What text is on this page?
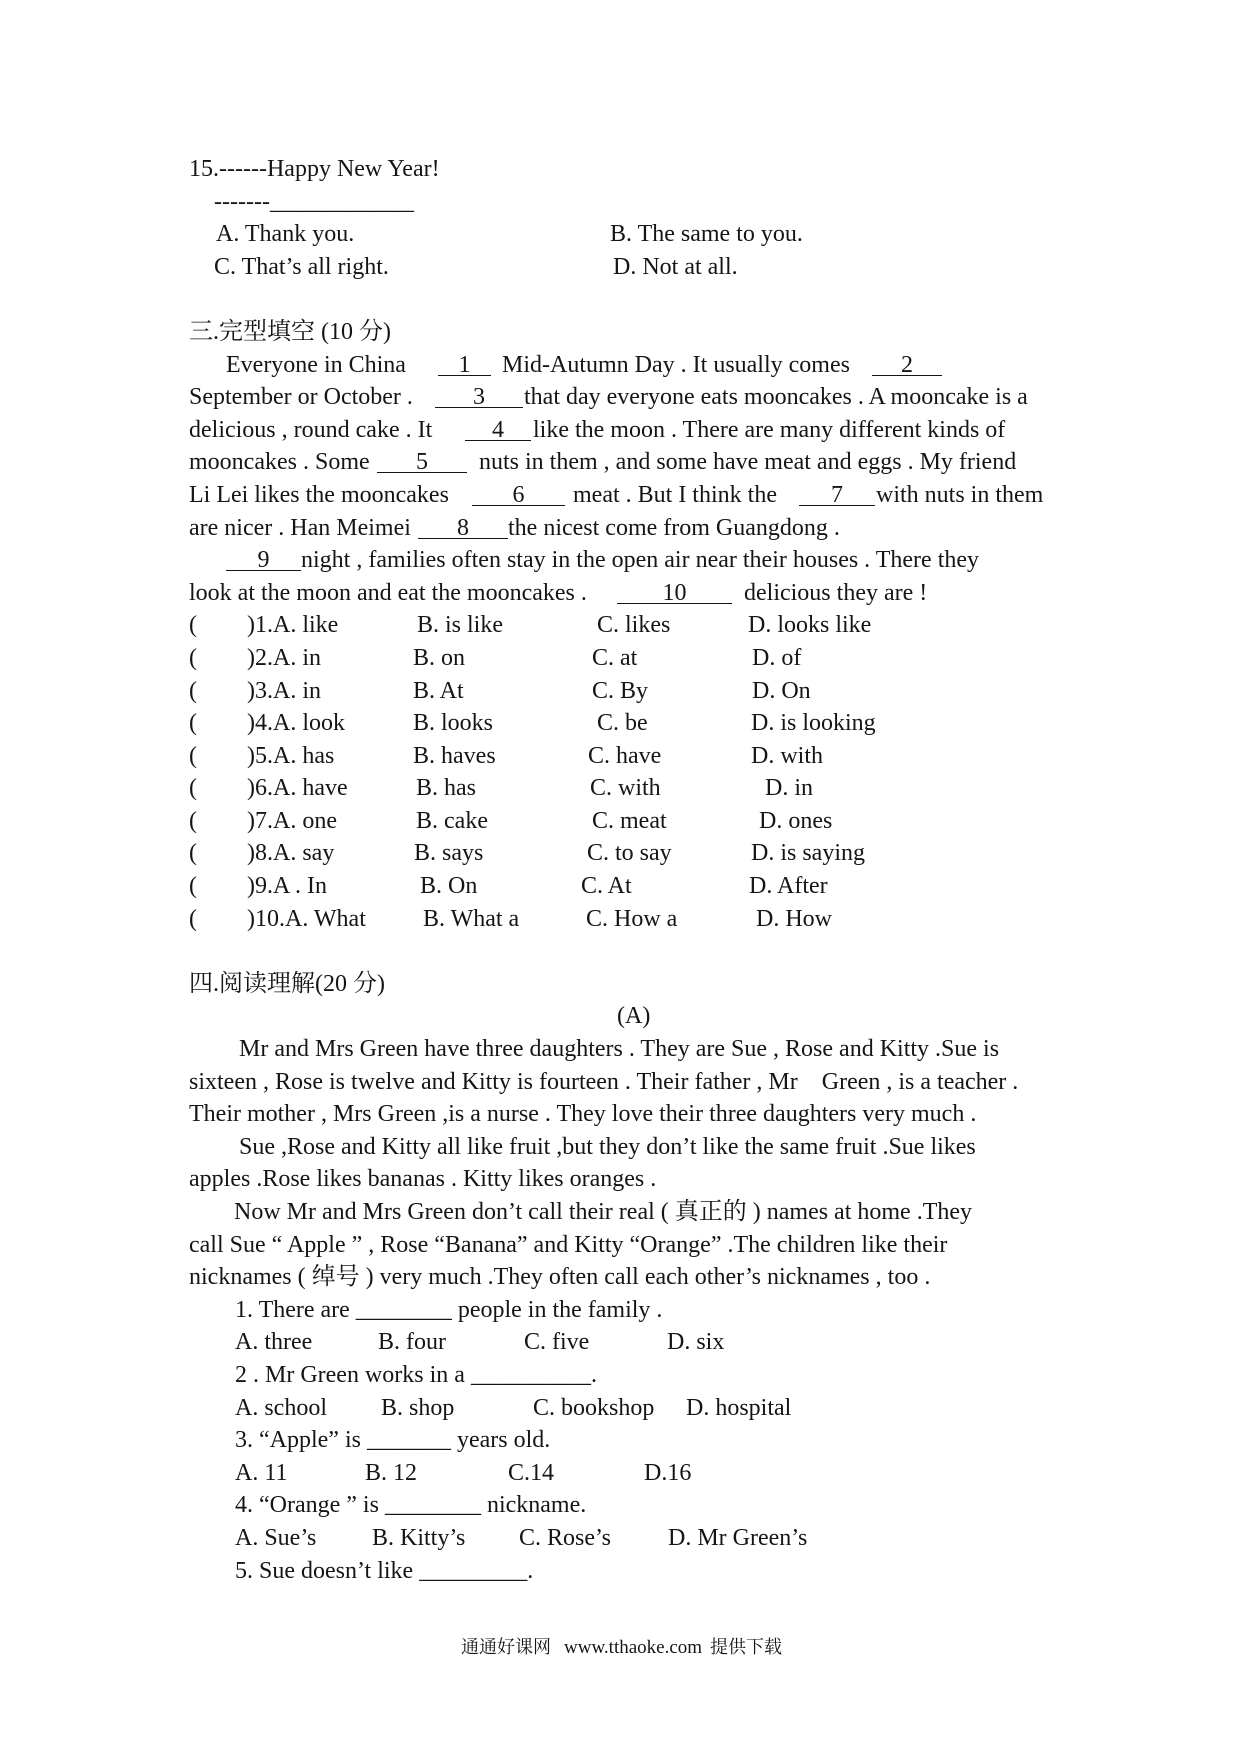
15.------Happy New Year!
-------____________
A. Thank you.	B. The same to you.
C. That’s all right.	D. Not at all.
三.完型填空 (10 分)
Everyone in China	1	Mid-Autumn Day . It usually comes	2
September or October .	3	that day everyone eats mooncakes . A mooncake is a
delicious , round cake . It	4	like the moon . There are many different kinds of
mooncakes . Some	5	nuts in them , and some have meat and eggs . My friend
Li Lei likes the mooncakes	6	meat . But I think the	7	with nuts in them
are nicer . Han Meimei	8	the nicest come from Guangdong .
9	night , families often stay in the open air near their houses . There they
look at the moon and eat the mooncakes .	10	delicious they are !
( )1.A. like	B. is like	C. likes	D. looks like
( )2.A. in	B. on	C. at	D. of
( )3.A. in	B. At	C. By	D. On
( )4.A. look	B. looks	C. be	D. is looking
( )5.A. has	B. haves	C. have	D. with
( )6.A. have	B. has	C. with	D. in
( )7.A. one	B. cake	C. meat	D. ones
( )8.A. say	B. says	C. to say	D. is saying
( )9.A . In	B. On	C. At	D. After
( )10.A. What B. What a	C. How a	D. How
四.阅读理解(20 分)
(A)
Mr and Mrs Green have three daughters . They are Sue , Rose and Kitty .Sue is
sixteen , Rose is twelve and Kitty is fourteen . Their father , Mr    Green , is a teacher .
Their mother , Mrs Green ,is a nurse . They love their three daughters very much .
Sue ,Rose and Kitty all like fruit ,but they don’t like the same fruit .Sue likes
apples .Rose likes bananas . Kitty likes oranges .
Now Mr and Mrs Green don’t call their real ( 真正的 ) names at home .They
call Sue “ Apple ” , Rose “Banana” and Kitty “Orange” .The children like their
nicknames ( 绰号 ) very much .They often call each other’s nicknames , too .
1. There are ________ people in the family .
A. three	B. four	C. five	D. six
2 . Mr Green works in a __________.
A. school B. shop	C. bookshop D. hospital
3. “Apple” is _______ years old.
A. 11	B. 12	C.14	D.16
4. “Orange ” is ________ nickname.
A. Sue’s B. Kitty’s C. Rose’s D. Mr Green’s
5. Sue doesn’t like _________.
通通好课网 www.tthaoke.com 提供下载
